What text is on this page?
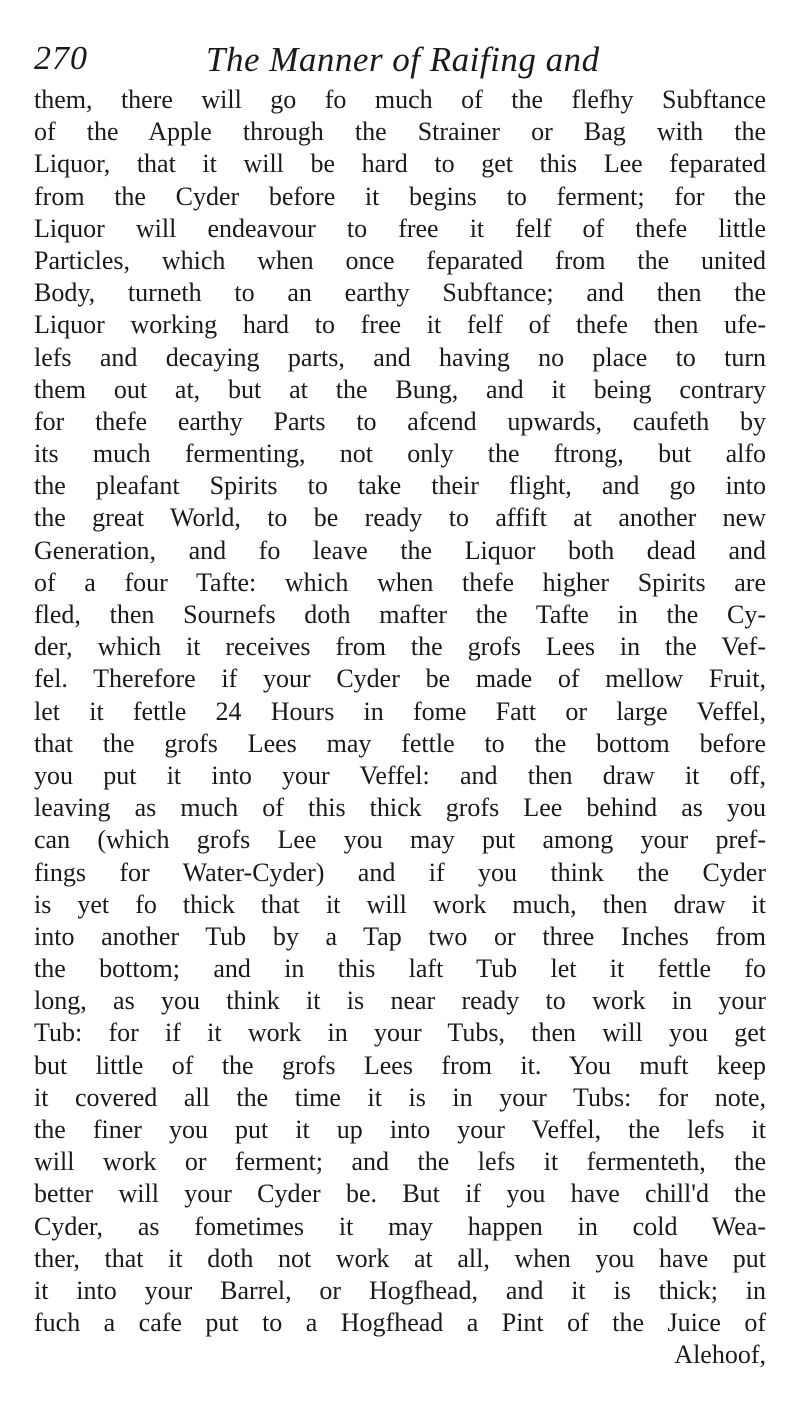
270	The Manner of Raifing and
them, there will go fo much of the flefhy Subftance
of the Apple through the Strainer or Bag with the
Liquor, that it will be hard to get this Lee feparated
from the Cyder before it begins to ferment; for the
Liquor will endeavour to free it felf of thefe little
Particles, which when once feparated from the united
Body, turneth to an earthy Subftance; and then the
Liquor working hard to free it felf of thefe then ufe-
lefs and decaying parts, and having no place to turn
them out at, but at the Bung, and it being contrary
for thefe earthy Parts to afcend upwards, caufeth by
its much fermenting, not only the ftrong, but alfo
the pleafant Spirits to take their flight, and go into
the great World, to be ready to affift at another new
Generation, and fo leave the Liquor both dead and
of a four Tafte: which when thefe higher Spirits are
fled, then Sournefs doth mafter the Tafte in the Cy-
der, which it receives from the grofs Lees in the Vef-
fel. Therefore if your Cyder be made of mellow Fruit,
let it fettle 24 Hours in fome Fatt or large Veffel,
that the grofs Lees may fettle to the bottom before
you put it into your Veffel: and then draw it off,
leaving as much of this thick grofs Lee behind as you
can (which grofs Lee you may put among your pref-
fings for Water-Cyder) and if you think the Cyder
is yet fo thick that it will work much, then draw it
into another Tub by a Tap two or three Inches from
the bottom; and in this laft Tub let it fettle fo
long, as you think it is near ready to work in your
Tub: for if it work in your Tubs, then will you get
but little of the grofs Lees from it. You muft keep
it covered all the time it is in your Tubs: for note,
the finer you put it up into your Veffel, the lefs it
will work or ferment; and the lefs it fermenteth, the
better will your Cyder be. But if you have chill'd the
Cyder, as fometimes it may happen in cold Wea-
ther, that it doth not work at all, when you have put
it into your Barrel, or Hogfhead, and it is thick; in
fuch a cafe put to a Hogfhead a Pint of the Juice of
Alehoof,
